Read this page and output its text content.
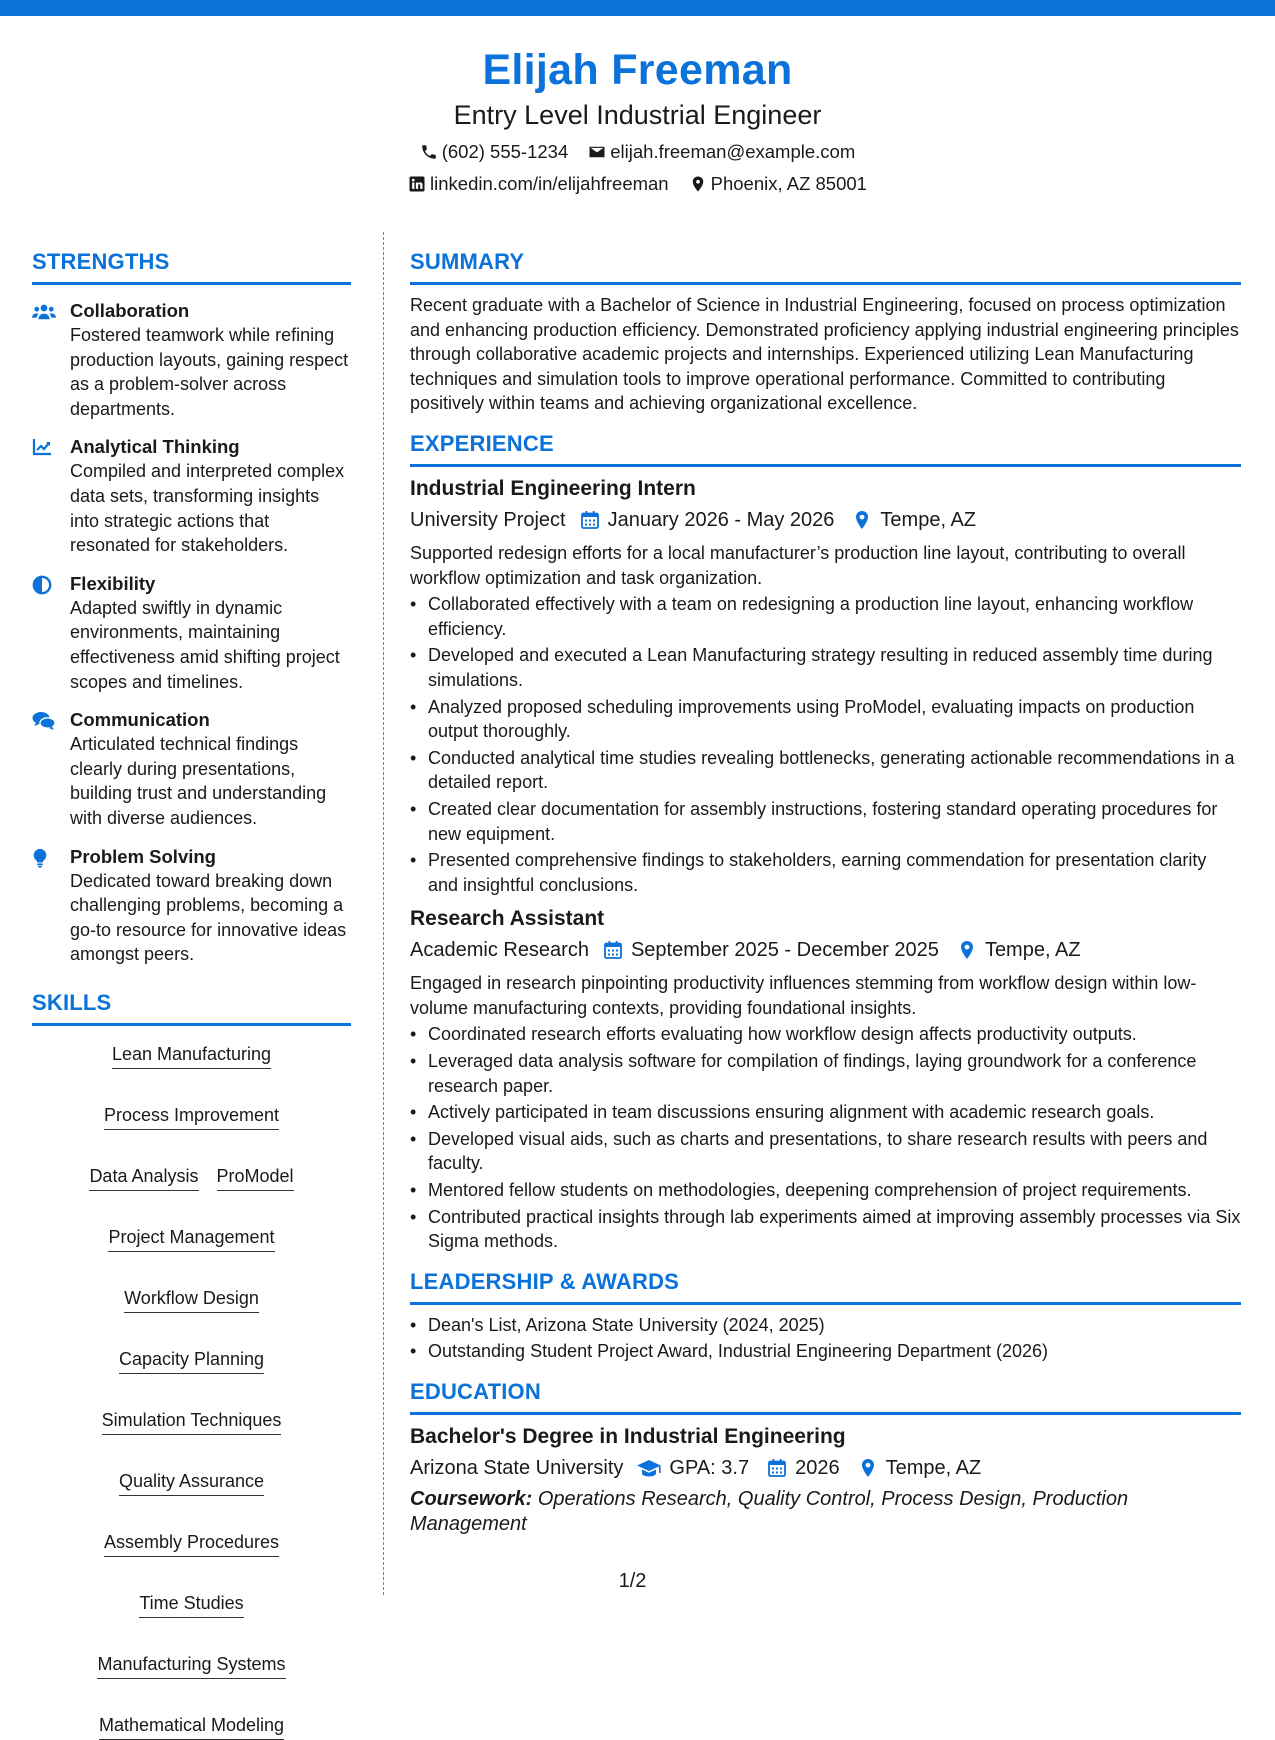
Elijah Freeman
Entry Level Industrial Engineer
(602) 555-1234 elijah.freeman@example.com
linkedin.com/in/elijahfreeman Phoenix, AZ 85001
STRENGTHS
Collaboration
Fostered teamwork while refining production layouts, gaining respect as a problem-solver across departments.
Analytical Thinking
Compiled and interpreted complex data sets, transforming insights into strategic actions that resonated for stakeholders.
Flexibility
Adapted swiftly in dynamic environments, maintaining effectiveness amid shifting project scopes and timelines.
Communication
Articulated technical findings clearly during presentations, building trust and understanding with diverse audiences.
Problem Solving
Dedicated toward breaking down challenging problems, becoming a go-to resource for innovative ideas amongst peers.
SKILLS
Lean Manufacturing
Process Improvement
Data Analysis ProModel
Project Management
Workflow Design
Capacity Planning
Simulation Techniques
Quality Assurance
Assembly Procedures
Time Studies
Manufacturing Systems
Mathematical Modeling
SUMMARY
Recent graduate with a Bachelor of Science in Industrial Engineering, focused on process optimization and enhancing production efficiency. Demonstrated proficiency applying industrial engineering principles through collaborative academic projects and internships. Experienced utilizing Lean Manufacturing techniques and simulation tools to improve operational performance. Committed to contributing positively within teams and achieving organizational excellence.
EXPERIENCE
Industrial Engineering Intern
University Project January 2026 - May 2026 Tempe, AZ
Supported redesign efforts for a local manufacturer’s production line layout, contributing to overall workflow optimization and task organization.
• Collaborated effectively with a team on redesigning a production line layout, enhancing workflow efficiency.
• Developed and executed a Lean Manufacturing strategy resulting in reduced assembly time during simulations.
• Analyzed proposed scheduling improvements using ProModel, evaluating impacts on production output thoroughly.
• Conducted analytical time studies revealing bottlenecks, generating actionable recommendations in a detailed report.
• Created clear documentation for assembly instructions, fostering standard operating procedures for new equipment.
• Presented comprehensive findings to stakeholders, earning commendation for presentation clarity and insightful conclusions.
Research Assistant
Academic Research September 2025 - December 2025 Tempe, AZ
Engaged in research pinpointing productivity influences stemming from workflow design within low-volume manufacturing contexts, providing foundational insights.
• Coordinated research efforts evaluating how workflow design affects productivity outputs.
• Leveraged data analysis software for compilation of findings, laying groundwork for a conference research paper.
• Actively participated in team discussions ensuring alignment with academic research goals.
• Developed visual aids, such as charts and presentations, to share research results with peers and faculty.
• Mentored fellow students on methodologies, deepening comprehension of project requirements.
• Contributed practical insights through lab experiments aimed at improving assembly processes via Six Sigma methods.
LEADERSHIP & AWARDS
• Dean's List, Arizona State University (2024, 2025)
• Outstanding Student Project Award, Industrial Engineering Department (2026)
EDUCATION
Bachelor's Degree in Industrial Engineering
Arizona State University GPA: 3.7 2026 Tempe, AZ
Coursework: Operations Research, Quality Control, Process Design, Production Management
1/2
